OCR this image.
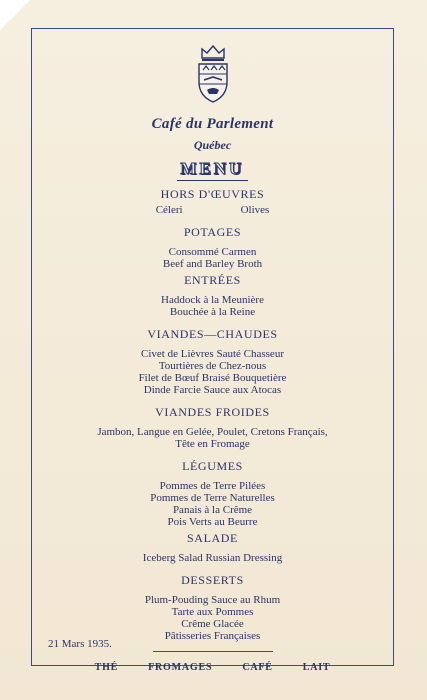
Café du Parlement
Québec
MENU
HORS D'ŒUVRES
Céleri	Olives
POTAGES
Consommé Carmen
Beef and Barley Broth
ENTRÉES
Haddock à la Meunière
Bouchée à la Reine
VIANDES—CHAUDES
Civet de Lièvres Sauté Chasseur
Tourtières de Chez-nous
Filet de Bœuf Braisé Bouquetière
Dinde Farcie Sauce aux Atocas
VIANDES FROIDES
Jambon, Langue en Gelée, Poulet, Cretons Français,
Tête en Fromage
LÉGUMES
Pommes de Terre Pilées
Pommes de Terre Naturelles
Panais à la Crême
Pois Verts au Beurre
SALADE
Iceberg Salad Russian Dressing
DESSERTS
Plum-Pouding Sauce au Rhum
Tarte aux Pommes
Crême Glacée
Pâtisseries Françaises
THÉ	FROMAGES	CAFÉ	LAIT
21 Mars 1935.
